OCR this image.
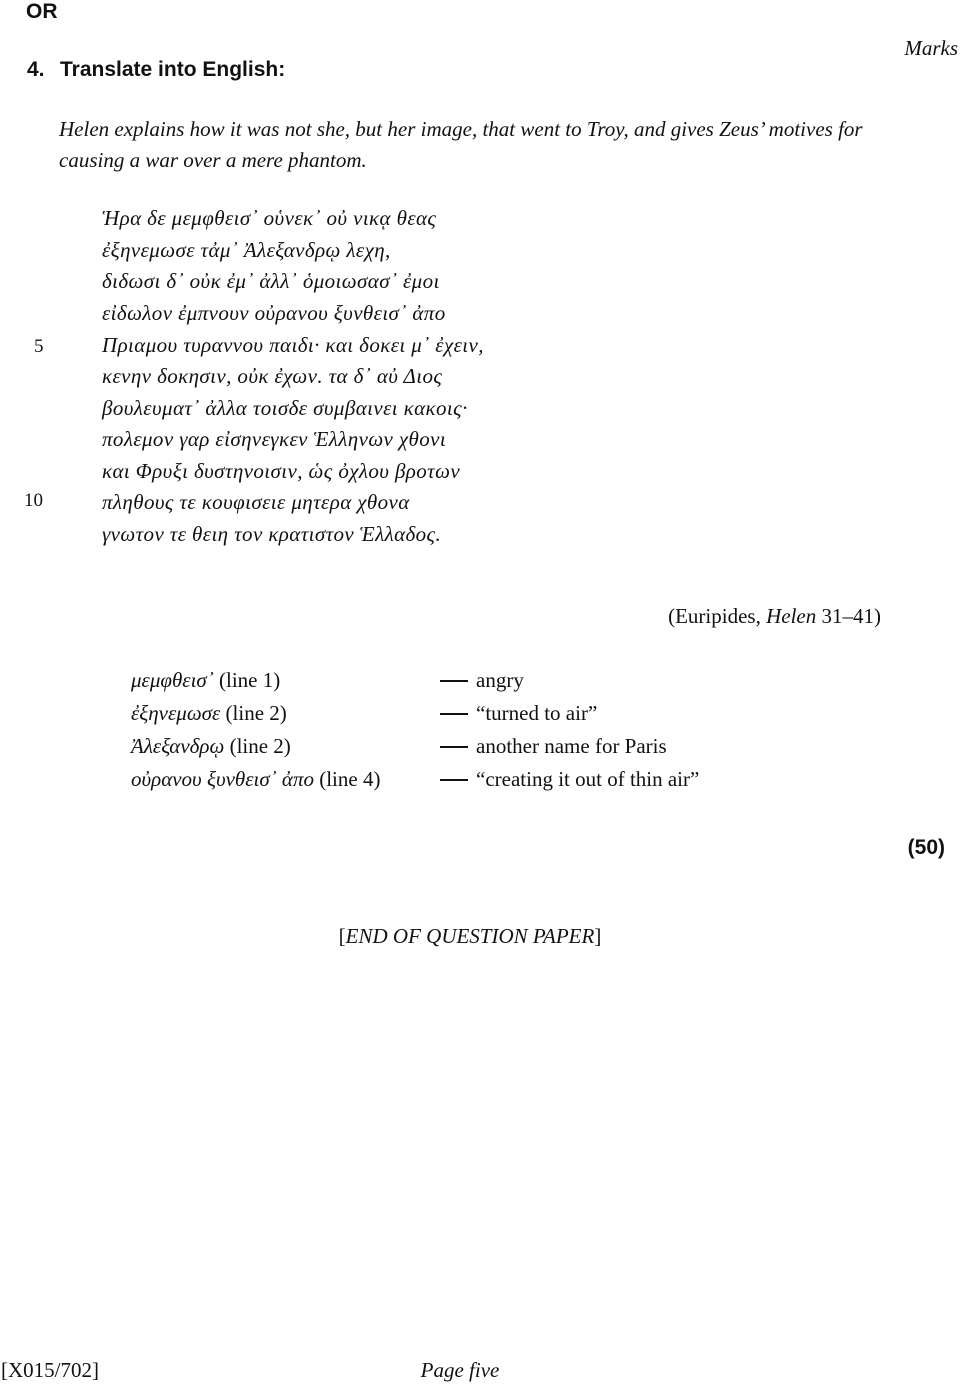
OR
Marks
4. Translate into English:
Helen explains how it was not she, but her image, that went to Troy, and gives Zeus’ motives for causing a war over a mere phantom.
Ἡρα δε μεμφθεισ᾽ οὑνεκ᾽ οὐ νικᾳ θεας
ἐξηνεμωσε τἀμ᾽ Ἀλεξανδρῳ λεχη,
διδωσι δ᾽ οὐκ ἐμ᾽ ἀλλ᾽ ὁμοιωσασ᾽ ἐμοι
εἰδωλον ἐμπνουν οὐρανου ξυνθεισ᾽ ἀπο
Πριαμου τυραννου παιδι· και δοκει μ᾽ ἐχειν,
κενην δοκησιν, οὐκ ἐχων. τα δ᾽ αὐ Διος
βουλευματ᾽ ἀλλα τοισδε συμβαινει κακοις·
πολεμον γαρ εἰσηνεγκεν Ἑλληνων χθονι
και Φρυξι δυστηνοισιν, ὡς ὀχλου βροτων
πληθους τε κουφισειε μητερα χθονα
γνωτον τε θειη τον κρατιστον Ἑλλαδος.
5
10
(Euripides, Helen 31–41)
μεμφθεισ᾽ (line 1)	angry
ἐξηνεμωσε (line 2)	“turned to air”
Ἀλεξανδρῳ (line 2)	another name for Paris
οὐρανου ξυνθεισ᾽ ἀπο (line 4)	“creating it out of thin air”
(50)
[END OF QUESTION PAPER]
[X015/702]	Page five
